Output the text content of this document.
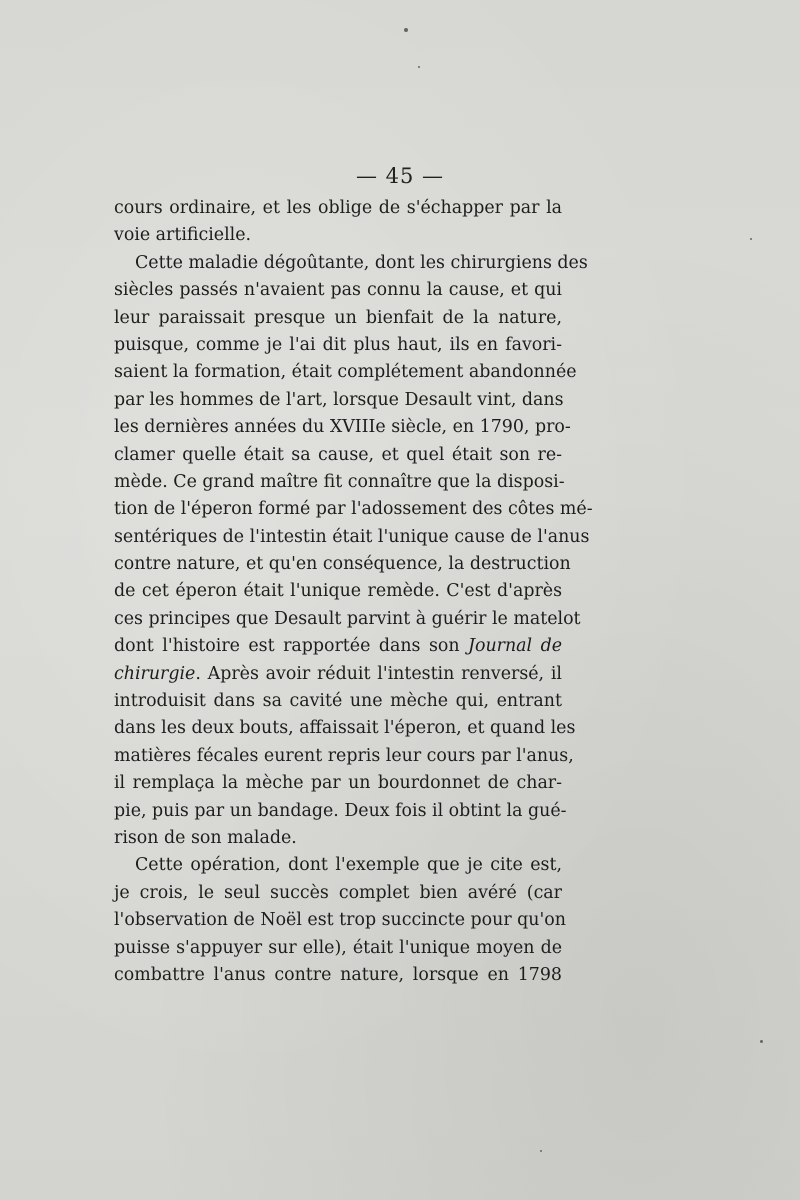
— 45 —
cours ordinaire, et les oblige de s'échapper par la
voie artificielle.
Cette maladie dégoûtante, dont les chirurgiens des
siècles passés n'avaient pas connu la cause, et qui
leur paraissait presque un bienfait de la nature,
puisque, comme je l'ai dit plus haut, ils en favori-
saient la formation, était complétement abandonnée
par les hommes de l'art, lorsque Desault vint, dans
les dernières années du XVIIIe siècle, en 1790, pro-
clamer quelle était sa cause, et quel était son re-
mède. Ce grand maître fit connaître que la disposi-
tion de l'éperon formé par l'adossement des côtes mé-
sentériques de l'intestin était l'unique cause de l'anus
contre nature, et qu'en conséquence, la destruction
de cet éperon était l'unique remède. C'est d'après
ces principes que Desault parvint à guérir le matelot
dont l'histoire est rapportée dans son Journal de
chirurgie. Après avoir réduit l'intestin renversé, il
introduisit dans sa cavité une mèche qui, entrant
dans les deux bouts, affaissait l'éperon, et quand les
matières fécales eurent repris leur cours par l'anus,
il remplaça la mèche par un bourdonnet de char-
pie, puis par un bandage. Deux fois il obtint la gué-
rison de son malade.
Cette opération, dont l'exemple que je cite est,
je crois, le seul succès complet bien avéré (car
l'observation de Noël est trop succincte pour qu'on
puisse s'appuyer sur elle), était l'unique moyen de
combattre l'anus contre nature, lorsque en 1798
